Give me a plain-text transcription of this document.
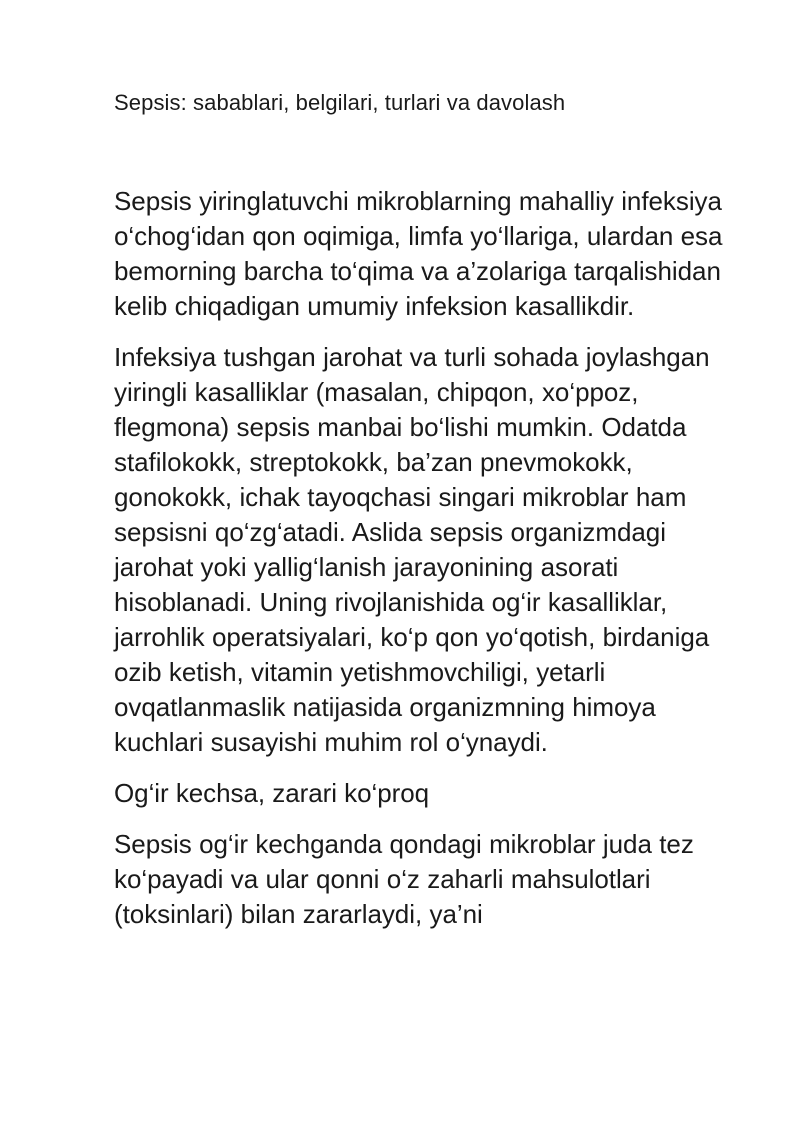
Sepsis: sabablari, belgilari, turlari va davolash

Sepsis yiringlatuvchi mikroblarning mahalliy infeksiya o‘chog‘idan qon oqimiga, limfa yo‘llariga, ulardan esa bemorning barcha to‘qima va a’zolariga tarqalishidan kelib chiqadigan umumiy infeksion kasallikdir.

Infeksiya tushgan jarohat va turli sohada joylashgan yiringli kasalliklar (masalan, chipqon, xo‘ppoz, flegmona) sepsis manbai bo‘lishi mumkin. Odatda stafilokokk, streptokokk, ba’zan pnevmokokk, gonokokk, ichak tayoqchasi singari mikroblar ham sepsisni qo‘zg‘atadi. Aslida sepsis organizmdagi jarohat yoki yallig‘lanish jarayonining asorati hisoblanadi. Uning rivojlanishida og‘ir kasalliklar, jarrohlik operatsiyalari, ko‘p qon yo‘qotish, birdaniga ozib ketish, vitamin yetishmovchiligi, yetarli ovqatlanmaslik natijasida organizmning himoya kuchlari susayishi muhim rol o‘ynaydi.

Og‘ir kechsa, zarari ko‘proq

Sepsis og‘ir kechganda qondagi mikroblar juda tez ko‘payadi va ular qonni o‘z zaharli mahsulotlari (toksinlari) bilan zararlaydi, ya’ni
